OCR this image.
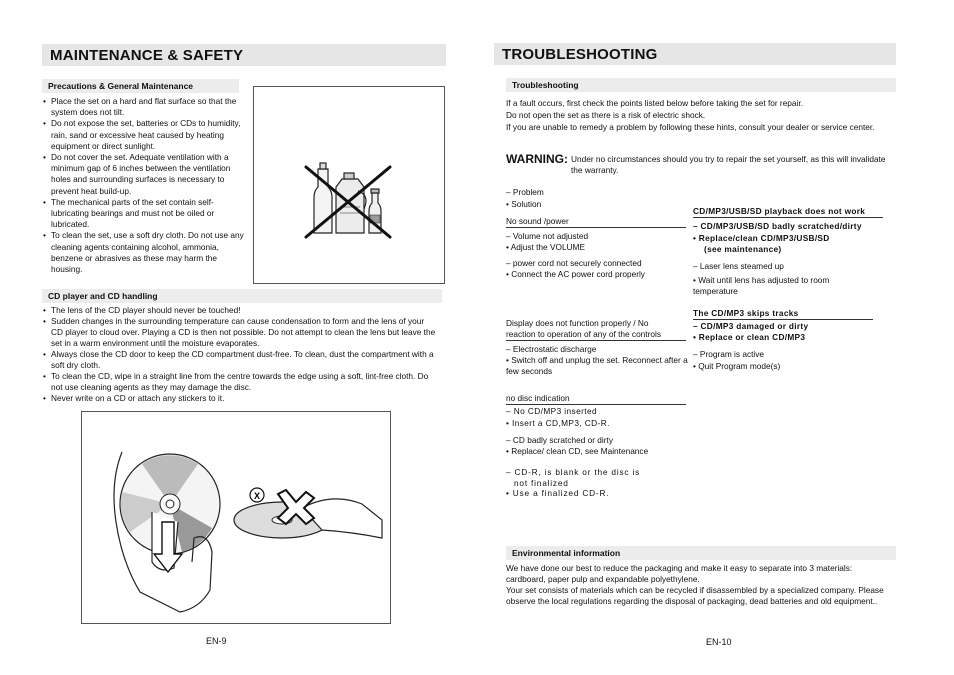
MAINTENANCE & SAFETY
Precautions & General Maintenance
• Place the set on a hard and flat surface so that the system does not tilt.
• Do not expose the set, batteries or CDs to humidity, rain, sand or excessive heat caused by heating equipment or direct sunlight.
• Do not cover the set. Adequate ventilation with a minimum gap of 6 inches between the ventilation holes and surrounding surfaces is necessary to prevent heat build-up.
• The mechanical parts of the set contain self-lubricating bearings and must not be oiled or lubricated.
• To clean the set, use a soft dry cloth. Do not use any cleaning agents containing alcohol, ammonia, benzene or abrasives as these may harm the housing.
CD player and CD handling
• The lens of the CD player should never be touched!
• Sudden changes in the surrounding temperature can cause condensation to form and the lens of your CD player to cloud over. Playing a CD is then not possible. Do not attempt to clean the lens but leave the set in a warm environment until the moisture evaporates.
• Always close the CD door to keep the CD compartment dust-free. To clean, dust the compartment with a soft dry cloth.
• To clean the CD, wipe in a straight line from the centre towards the edge using a soft, lint-free cloth. Do not use cleaning agents as they may damage the disc.
• Never write on a CD or attach any stickers to it.
X
EN-9
TROUBLESHOOTING
Troubleshooting
If a fault occurs, first check the points listed below before taking the set for repair.
Do not open the set as there is a risk of electric shock.
If you are unable to remedy a problem by following these hints, consult your dealer or service center.
WARNING: Under no circumstances should you try to repair the set yourself, as this will invalidate the warranty.
– Problem
• Solution
No sound /power
– Volume not adjusted
• Adjust the VOLUME
– power cord not securely connected
• Connect the AC power cord properly
Display does not function properly / No
reaction to operation of any of the controls
– Electrostatic discharge
• Switch off and unplug the set. Reconnect after a few seconds
no disc indication
– No CD/MP3 inserted
• Insert a CD,MP3, CD-R.
– CD badly scratched or dirty
• Replace/ clean CD, see Maintenance
– CD-R, is blank or the disc is
not finalized
• Use a finalized CD-R.
CD/MP3/USB/SD playback does not work
– CD/MP3/USB/SD badly scratched/dirty
• Replace/clean CD/MP3/USB/SD
(see maintenance)
– Laser lens steamed up
• Wait until lens has adjusted to room temperature
The CD/MP3 skips tracks
– CD/MP3 damaged or dirty
• Replace or clean CD/MP3
– Program is active
• Quit Program mode(s)
Environmental information
We have done our best to reduce the packaging and make it easy to separate into 3 materials: cardboard, paper pulp and expandable polyethylene.
Your set consists of materials which can be recycled if disassembled by a specialized company. Please observe the local regulations regarding the disposal of packaging, dead batteries and old equipment..
EN-10
